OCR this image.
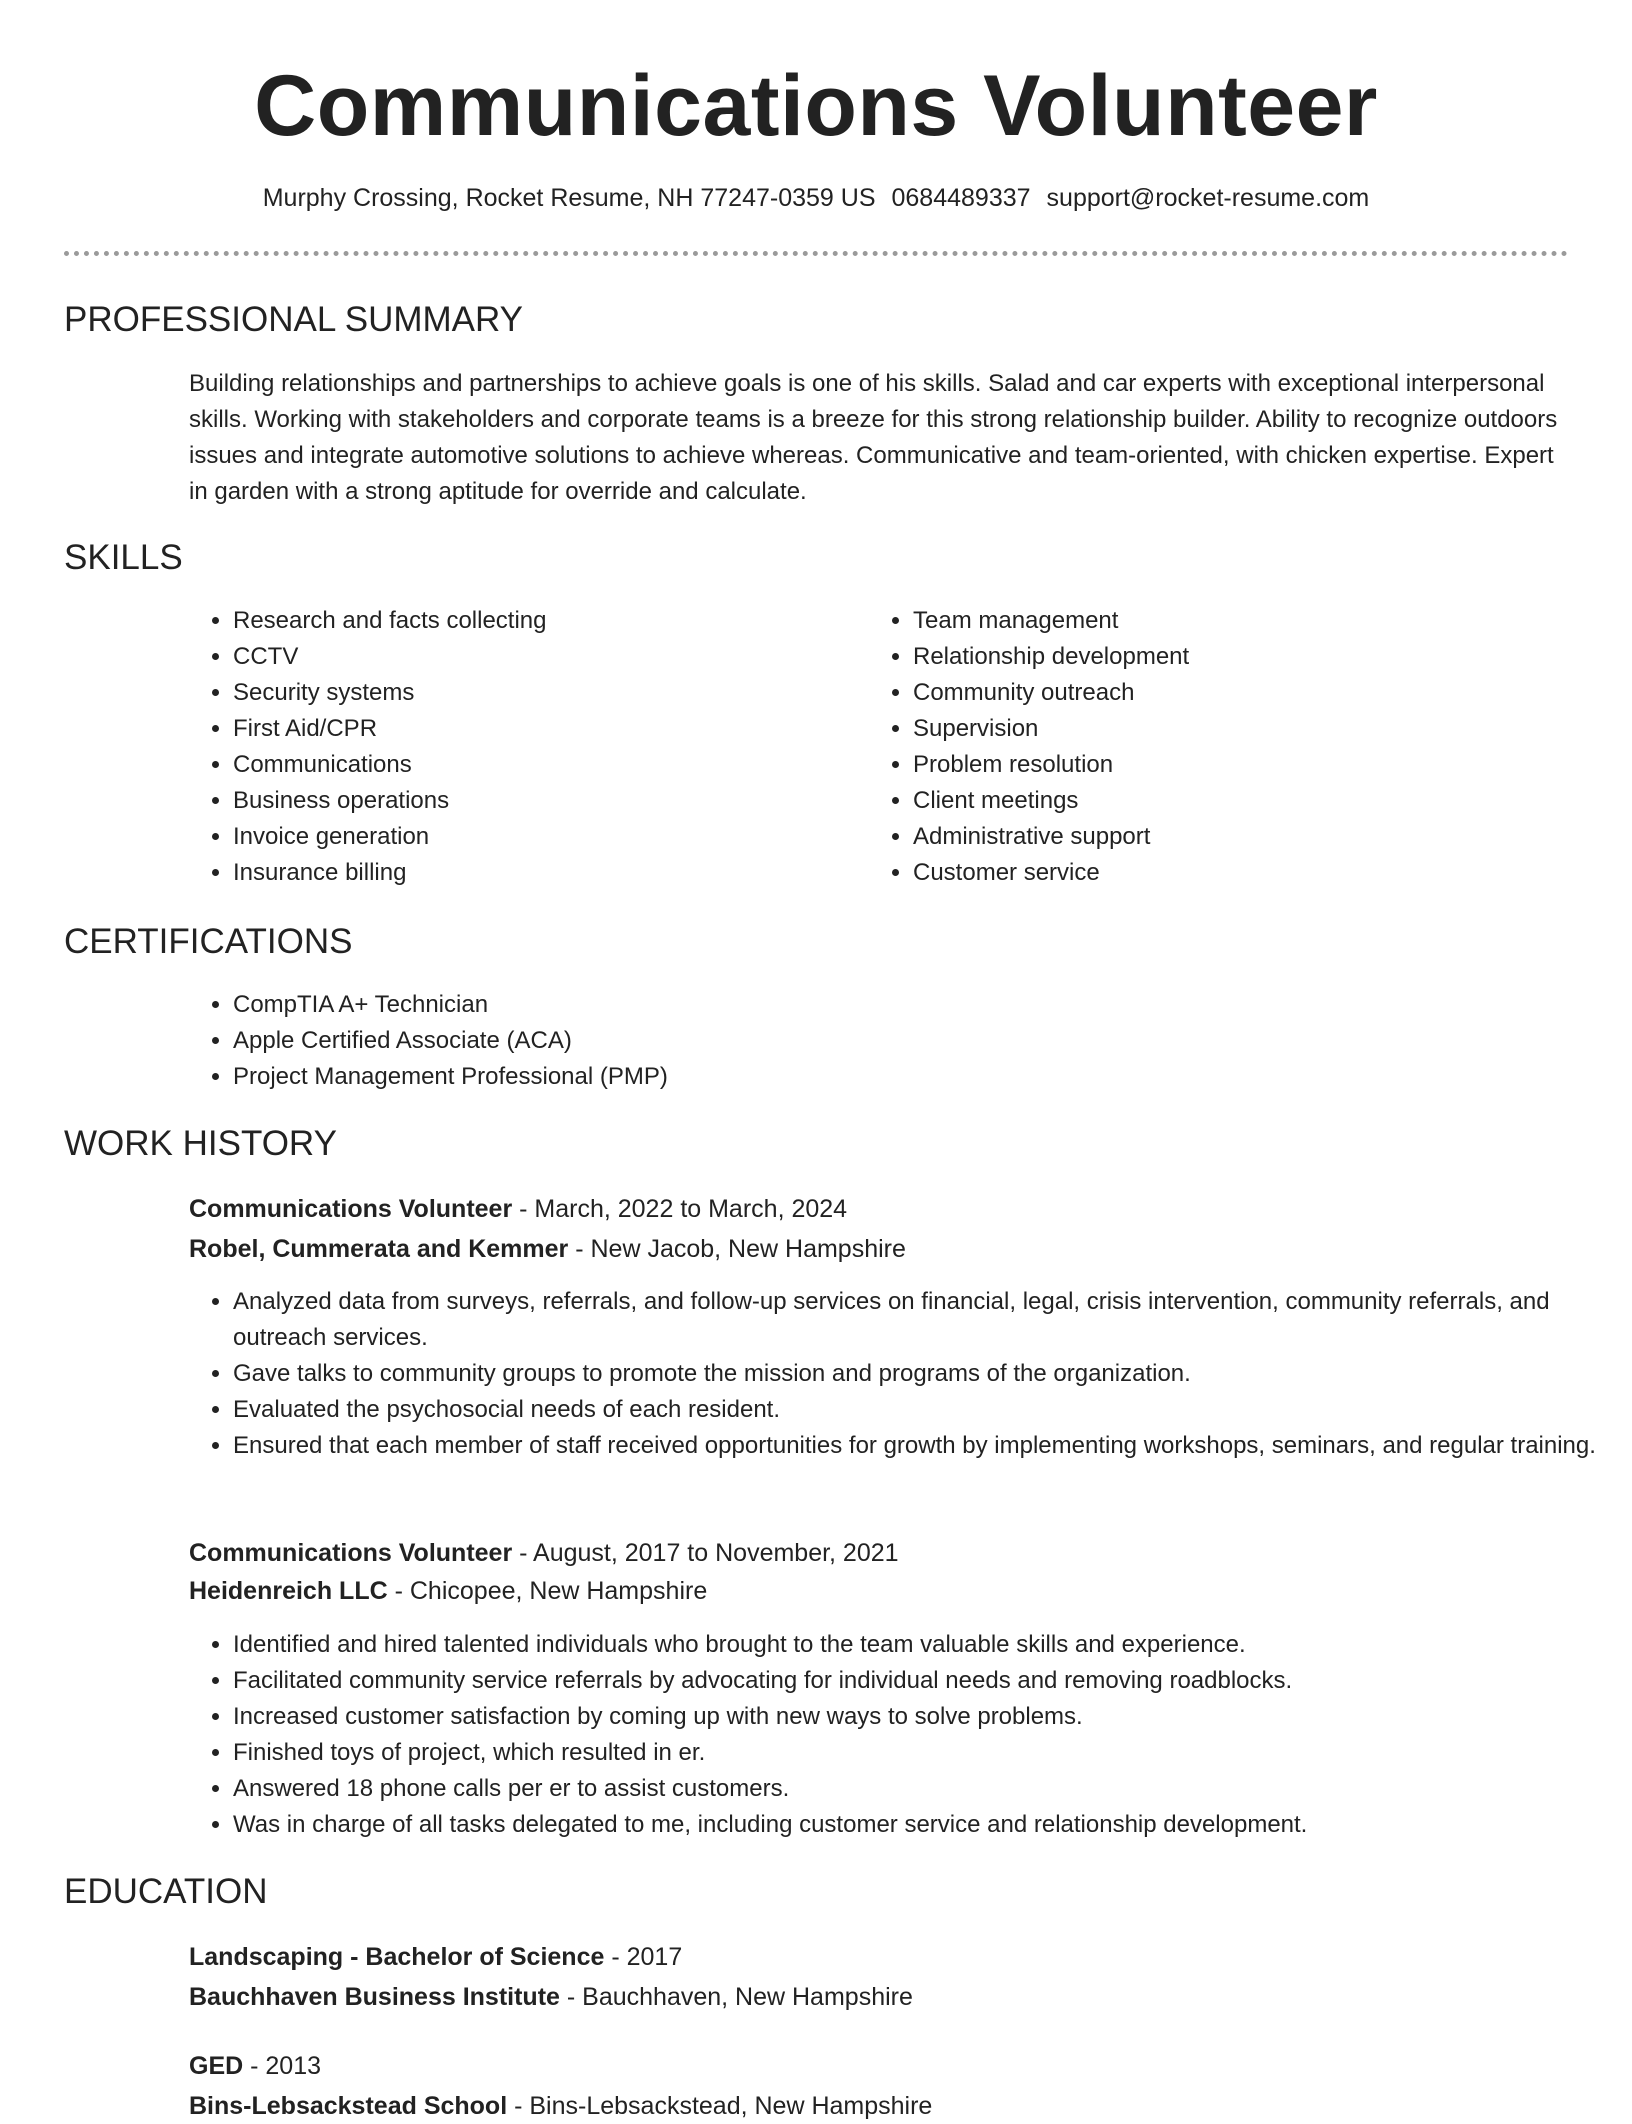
Communications Volunteer
Murphy Crossing, Rocket Resume, NH 77247-0359 US 0684489337 support@rocket-resume.com
PROFESSIONAL SUMMARY
Building relationships and partnerships to achieve goals is one of his skills. Salad and car experts with exceptional interpersonal skills. Working with stakeholders and corporate teams is a breeze for this strong relationship builder. Ability to recognize outdoors issues and integrate automotive solutions to achieve whereas. Communicative and team-oriented, with chicken expertise. Expert in garden with a strong aptitude for override and calculate.
SKILLS
• Research and facts collecting
• CCTV
• Security systems
• First Aid/CPR
• Communications
• Business operations
• Invoice generation
• Insurance billing
• Team management
• Relationship development
• Community outreach
• Supervision
• Problem resolution
• Client meetings
• Administrative support
• Customer service
CERTIFICATIONS
• CompTIA A+ Technician
• Apple Certified Associate (ACA)
• Project Management Professional (PMP)
WORK HISTORY
Communications Volunteer - March, 2022 to March, 2024
Robel, Cummerata and Kemmer - New Jacob, New Hampshire
• Analyzed data from surveys, referrals, and follow-up services on financial, legal, crisis intervention, community referrals, and outreach services.
• Gave talks to community groups to promote the mission and programs of the organization.
• Evaluated the psychosocial needs of each resident.
• Ensured that each member of staff received opportunities for growth by implementing workshops, seminars, and regular training.
Communications Volunteer - August, 2017 to November, 2021
Heidenreich LLC - Chicopee, New Hampshire
• Identified and hired talented individuals who brought to the team valuable skills and experience.
• Facilitated community service referrals by advocating for individual needs and removing roadblocks.
• Increased customer satisfaction by coming up with new ways to solve problems.
• Finished toys of project, which resulted in er.
• Answered 18 phone calls per er to assist customers.
• Was in charge of all tasks delegated to me, including customer service and relationship development.
EDUCATION
Landscaping - Bachelor of Science - 2017
Bauchhaven Business Institute - Bauchhaven, New Hampshire
GED - 2013
Bins-Lebsackstead School - Bins-Lebsackstead, New Hampshire
